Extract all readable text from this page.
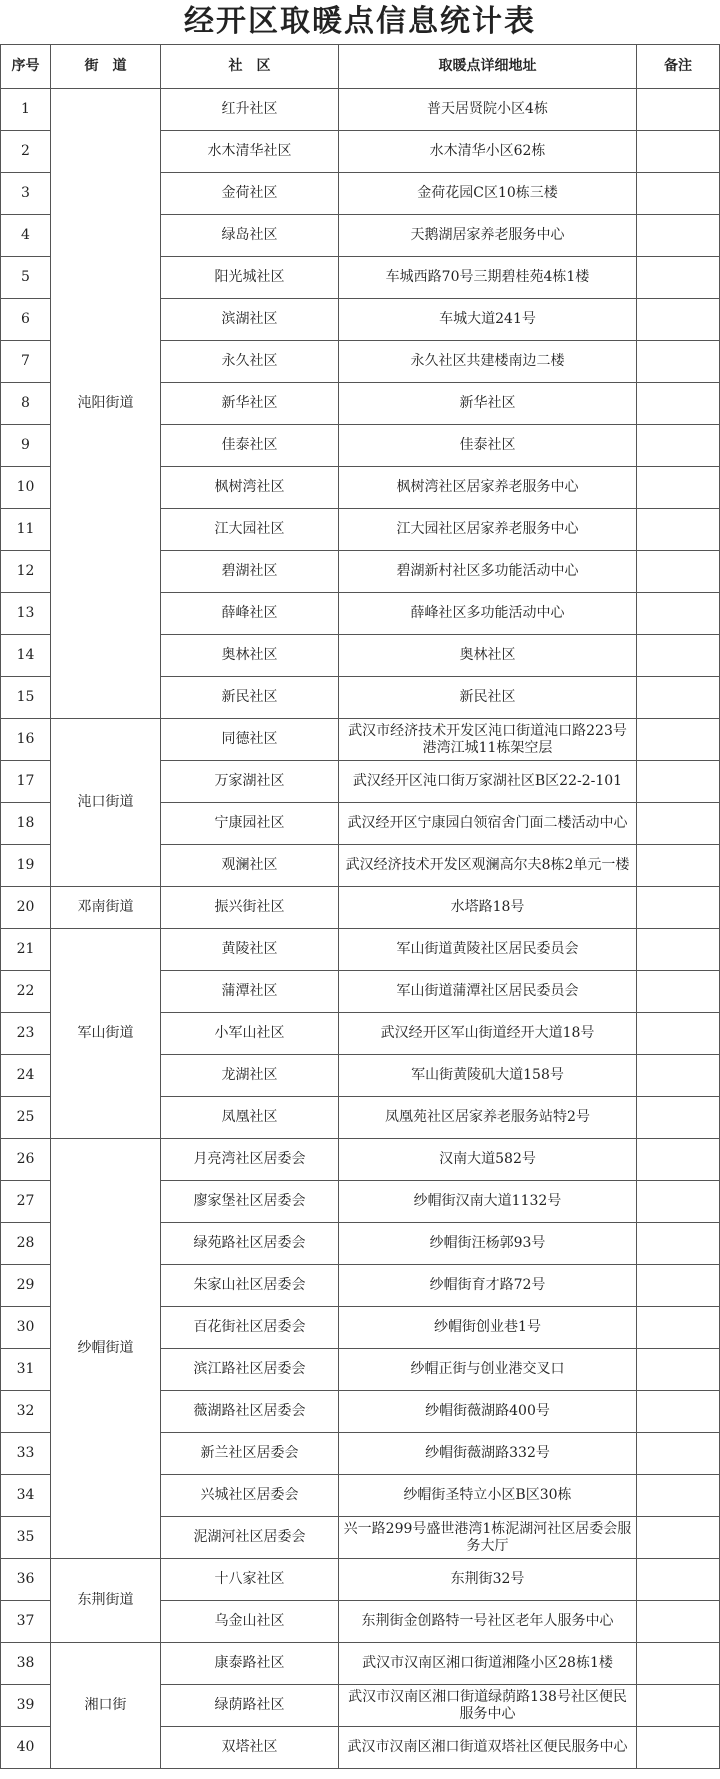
经开区取暖点信息统计表
序号	街　道	社　区	取暖点详细地址	备注
1	沌阳街道	红升社区	普天居贤院小区4栋	
2		水木清华社区	水木清华小区62栋	
3		金荷社区	金荷花园C区10栋三楼	
4		绿岛社区	天鹅湖居家养老服务中心	
5		阳光城社区	车城西路70号三期碧桂苑4栋1楼	
6		滨湖社区	车城大道241号	
7		永久社区	永久社区共建楼南边二楼	
8		新华社区	新华社区	
9		佳泰社区	佳泰社区	
10		枫树湾社区	枫树湾社区居家养老服务中心	
11		江大园社区	江大园社区居家养老服务中心	
12		碧湖社区	碧湖新村社区多功能活动中心	
13		薛峰社区	薛峰社区多功能活动中心	
14		奥林社区	奥林社区	
15		新民社区	新民社区	
16	沌口街道	同德社区	武汉市经济技术开发区沌口街道沌口路223号港湾江城11栋架空层	
17		万家湖社区	武汉经开区沌口街万家湖社区B区22-2-101	
18		宁康园社区	武汉经开区宁康园白领宿舍门面二楼活动中心	
19		观澜社区	武汉经济技术开发区观澜高尔夫8栋2单元一楼	
20	邓南街道	振兴街社区	水塔路18号	
21	军山街道	黄陵社区	军山街道黄陵社区居民委员会	
22		蒲潭社区	军山街道蒲潭社区居民委员会	
23		小军山社区	武汉经开区军山街道经开大道18号	
24		龙湖社区	军山街黄陵矶大道158号	
25		凤凰社区	凤凰苑社区居家养老服务站特2号	
26	纱帽街道	月亮湾社区居委会	汉南大道582号	
27		廖家堡社区居委会	纱帽街汉南大道1132号	
28		绿苑路社区居委会	纱帽街汪杨郭93号	
29		朱家山社区居委会	纱帽街育才路72号	
30		百花街社区居委会	纱帽街创业巷1号	
31		滨江路社区居委会	纱帽正街与创业港交叉口	
32		薇湖路社区居委会	纱帽街薇湖路400号	
33		新兰社区居委会	纱帽街薇湖路332号	
34		兴城社区居委会	纱帽街圣特立小区B区30栋	
35		泥湖河社区居委会	兴一路299号盛世港湾1栋泥湖河社区居委会服务大厅	
36	东荆街道	十八家社区	东荆街32号	
37		乌金山社区	东荆街金创路特一号社区老年人服务中心	
38	湘口街	康泰路社区	武汉市汉南区湘口街道湘隆小区28栋1楼	
39		绿荫路社区	武汉市汉南区湘口街道绿荫路138号社区便民服务中心	
40		双塔社区	武汉市汉南区湘口街道双塔社区便民服务中心	
